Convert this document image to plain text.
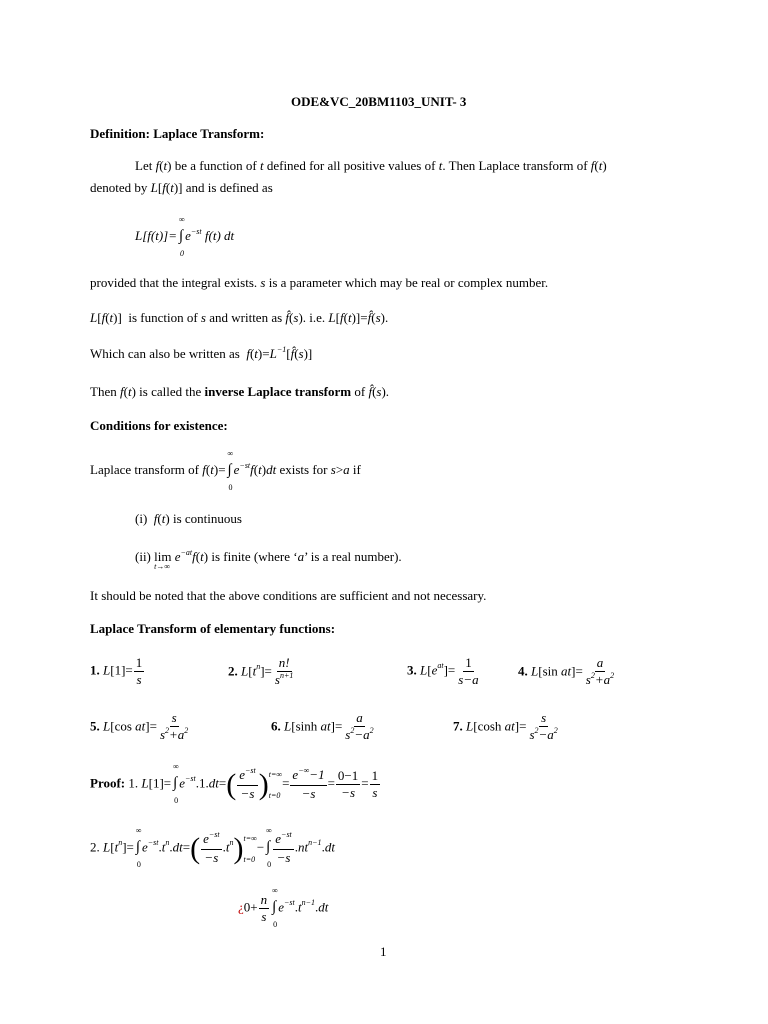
ODE&VC_20BM1103_UNIT- 3
Definition: Laplace Transform:
Let f(t) be a function of t defined for all positive values of t. Then Laplace transform of f(t)
denoted by L[f(t)] and is defined as
L[f(t)]= ∫
∞
0
$e^{-st}$ f(t) dt
provided that the integral exists. s is a parameter which may be real or complex number.
L[f(t)]  is function of s and written as f̂(s). i.e. L[f(t)]=f̂(s).
Which can also be written as $f(t)=L^{-1}[f̂(s)]$
Then f(t) is called the inverse Laplace transform of f̂(s).
Conditions for existence:
Laplace transform of f(t)= ∫
∞
0
$e^{-st}f(t)dt$ exists for s>a if
(i) f(t) is continuous
(ii) lim
t→∞
$e^{-at}f(t)$ is finite (where ‘a’ is a real number).
It should be noted that the above conditions are sufficient and not necessary.
Laplace Transform of elementary functions:
1. $L[1]= \frac{1}{s}$	2. $L[t^n]= \frac{n!}{s^{n+1}}$	3. $L[e^{at}]= \frac{1}{s-a}$	4. L[sin $at]= \frac{a}{s^2+a^2}$
5. L[cos $at]= \frac{s}{s^2+a^2}$	6. L[sinh $at]= \frac{a}{s^2-a^2}$	7. L[cosh $at]= \frac{s}{s^2-a^2}$
Proof: 1. L[1]= ∫
∞
0
$e^{-st}.1.dt=( \frac{e^{-st}}{-s}$ ) t=∞
t=0
= $\frac{e^{-\infty}-1}{-s} = \frac{0-1}{-s} = \frac{1}{s}$
2. $L[t^n]=$ ∫
∞
0
$e^{-st}.t^n.dt=( \frac{e^{-st}}{-s} .t^n)$ t=∞
t=0
− ∫
∞
$0 \frac{e^{-st}}{-s} .nt^{n-1}.dt$
¿$0+ \frac{n}{s}$ ∫
∞
0
$e^{-st}.t^{n-1}.dt$
1
